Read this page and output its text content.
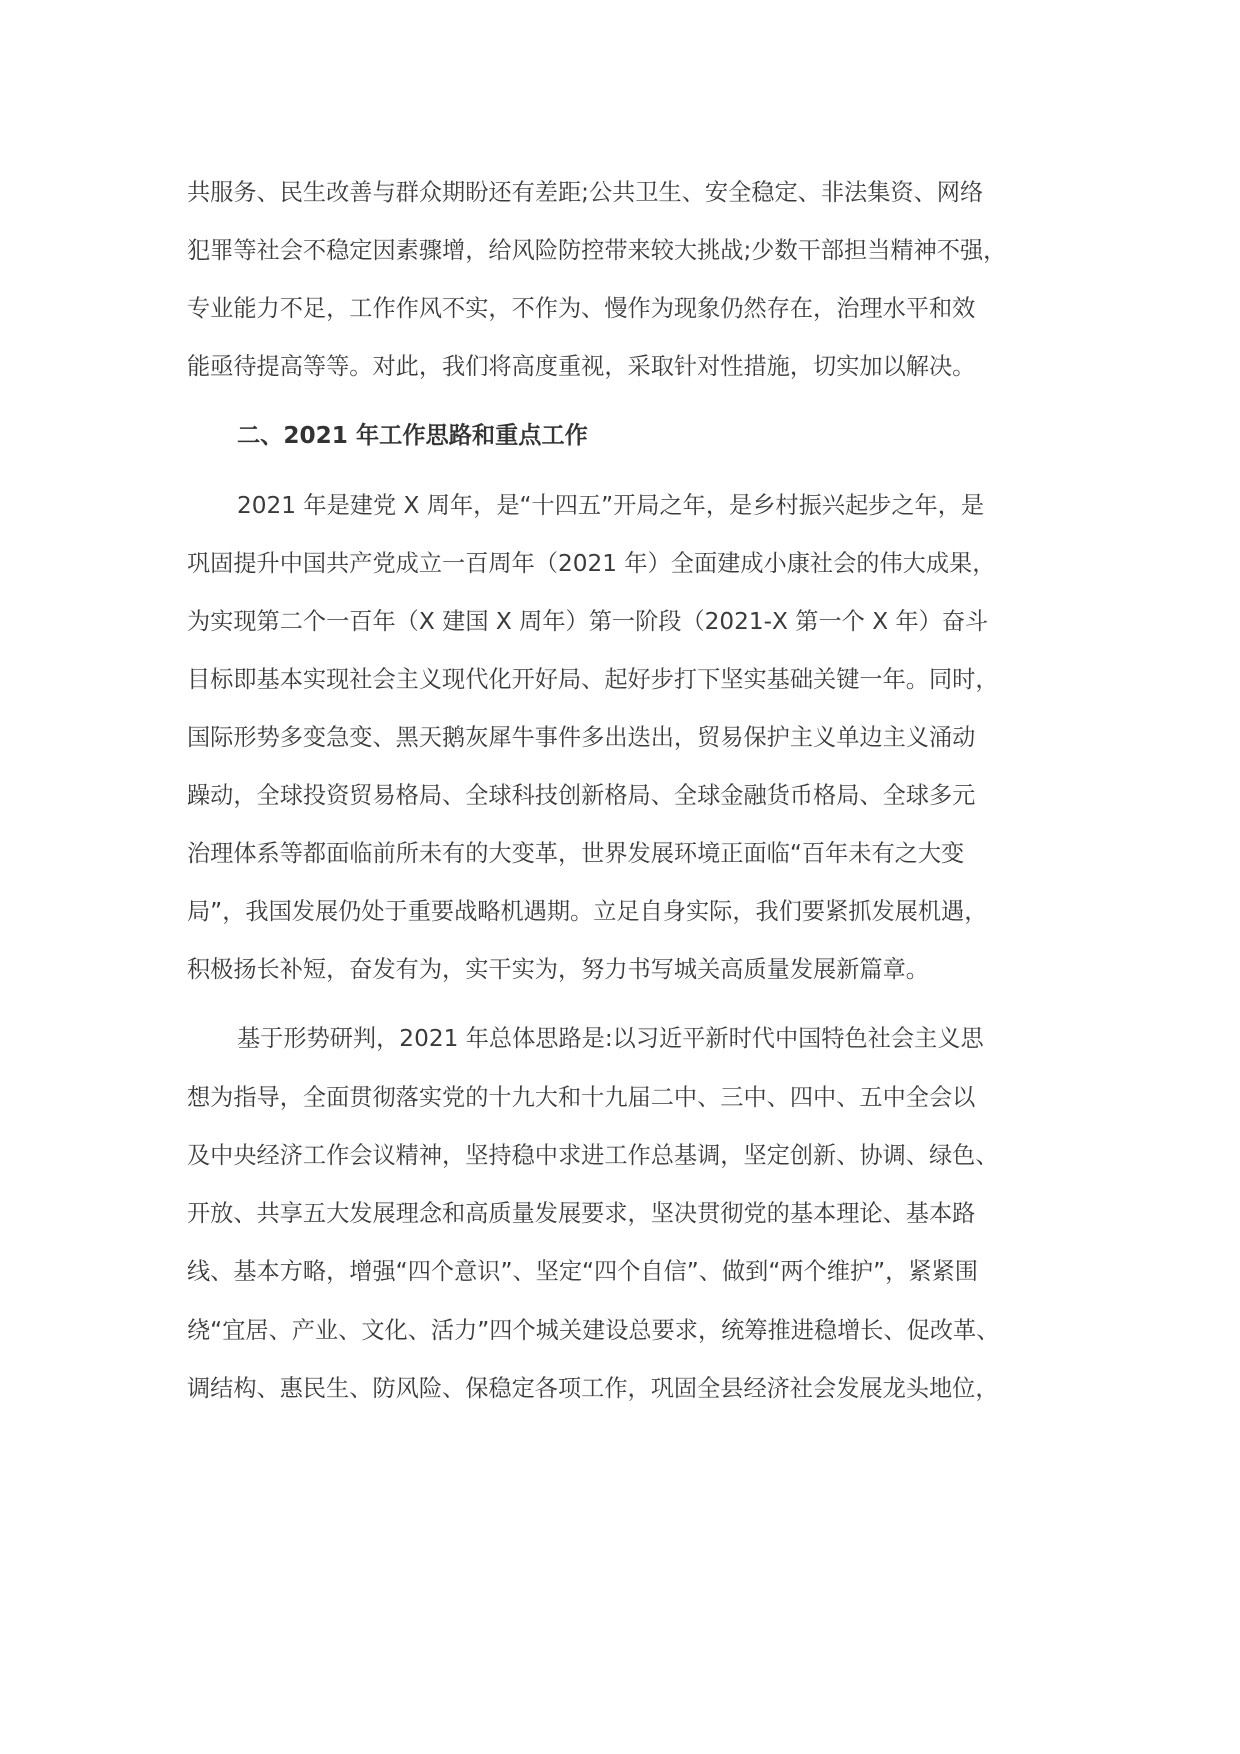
共服务、民生改善与群众期盼还有差距;公共卫生、安全稳定、非法集资、网络
犯罪等社会不稳定因素骤增，给风险防控带来较大挑战;少数干部担当精神不强，
专业能力不足，工作作风不实，不作为、慢作为现象仍然存在，治理水平和效
能亟待提高等等。对此，我们将高度重视，采取针对性措施，切实加以解决。
二、2021 年工作思路和重点工作
2021 年是建党 X 周年，是“十四五”开局之年，是乡村振兴起步之年，是
巩固提升中国共产党成立一百周年（2021 年）全面建成小康社会的伟大成果，
为实现第二个一百年（X 建国 X 周年）第一阶段（2021-X 第一个 X 年）奋斗
目标即基本实现社会主义现代化开好局、起好步打下坚实基础关键一年。同时，
国际形势多变急变、黑天鹅灰犀牛事件多出迭出，贸易保护主义单边主义涌动
躁动，全球投资贸易格局、全球科技创新格局、全球金融货币格局、全球多元
治理体系等都面临前所未有的大变革，世界发展环境正面临“百年未有之大变
局”，我国发展仍处于重要战略机遇期。立足自身实际，我们要紧抓发展机遇，
积极扬长补短，奋发有为，实干实为，努力书写城关高质量发展新篇章。
基于形势研判，2021 年总体思路是:以习近平新时代中国特色社会主义思
想为指导，全面贯彻落实党的十九大和十九届二中、三中、四中、五中全会以
及中央经济工作会议精神，坚持稳中求进工作总基调，坚定创新、协调、绿色、
开放、共享五大发展理念和高质量发展要求，坚决贯彻党的基本理论、基本路
线、基本方略，增强“四个意识”、坚定“四个自信”、做到“两个维护”，紧紧围
绕“宜居、产业、文化、活力”四个城关建设总要求，统筹推进稳增长、促改革、
调结构、惠民生、防风险、保稳定各项工作，巩固全县经济社会发展龙头地位，
